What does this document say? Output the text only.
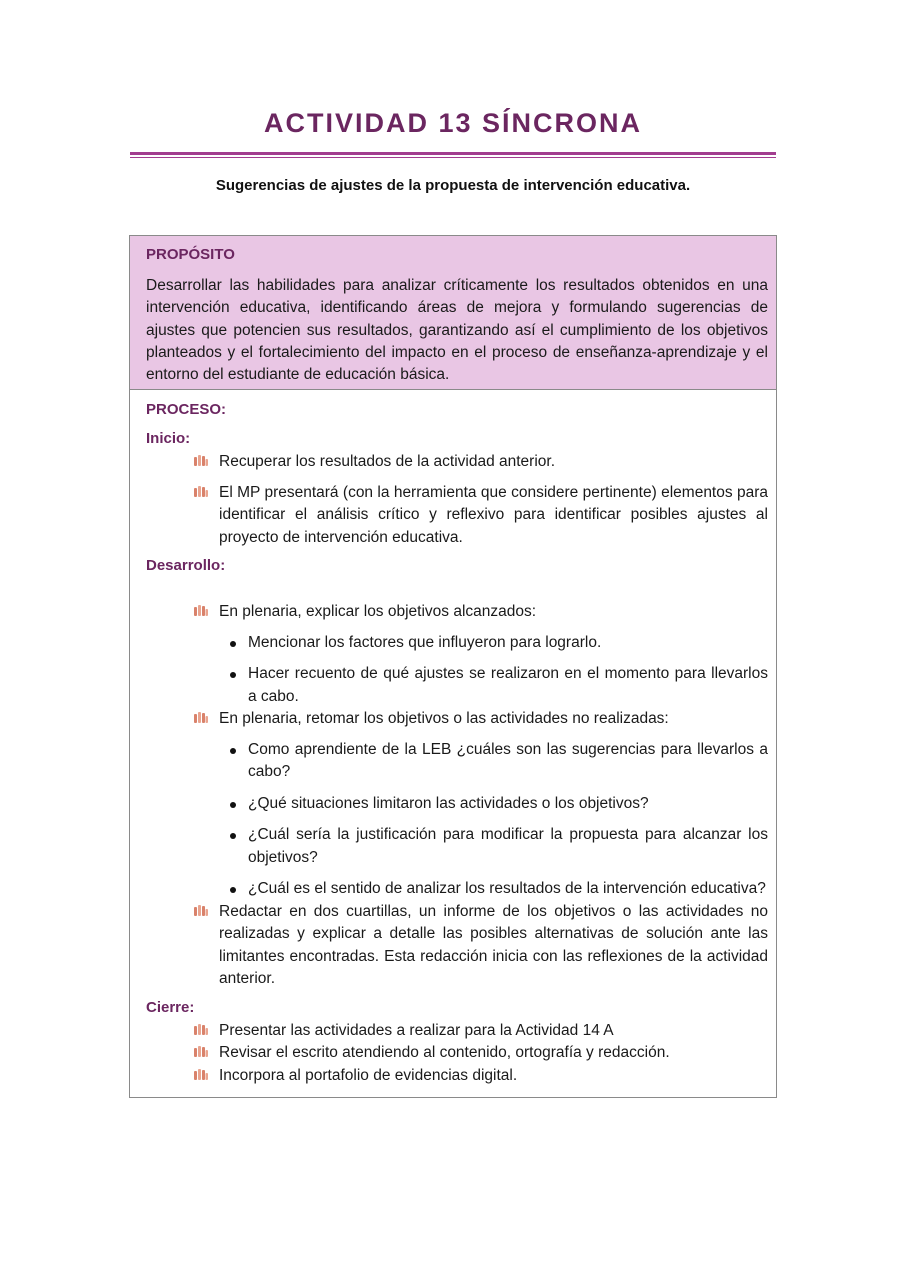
ACTIVIDAD 13 SÍNCRONA
Sugerencias de ajustes de la propuesta de intervención educativa.
PROPÓSITO
Desarrollar las habilidades para analizar críticamente los resultados obtenidos en una intervención educativa, identificando áreas de mejora y formulando sugerencias de ajustes que potencien sus resultados, garantizando así el cumplimiento de los objetivos planteados y el fortalecimiento del impacto en el proceso de enseñanza-aprendizaje y el entorno del estudiante de educación básica.
PROCESO:
Inicio:
Recuperar los resultados de la actividad anterior.
El MP presentará (con la herramienta que considere pertinente) elementos para identificar el análisis crítico y reflexivo para identificar posibles ajustes al proyecto de intervención educativa.
Desarrollo:
En plenaria, explicar los objetivos alcanzados:
Mencionar los factores que influyeron para lograrlo.
Hacer recuento de qué ajustes se realizaron en el momento para llevarlos a cabo.
En plenaria, retomar los objetivos o las actividades no realizadas:
Como aprendiente de la LEB ¿cuáles son las sugerencias para llevarlos a cabo?
¿Qué situaciones limitaron las actividades o los objetivos?
¿Cuál sería la justificación para modificar la propuesta para alcanzar los objetivos?
¿Cuál es el sentido de analizar los resultados de la intervención educativa?
Redactar en dos cuartillas, un informe de los objetivos o las actividades no realizadas y explicar a detalle las posibles alternativas de solución ante las limitantes encontradas. Esta redacción inicia con las reflexiones de la actividad anterior.
Cierre:
Presentar las actividades a realizar para la Actividad 14 A
Revisar el escrito atendiendo al contenido, ortografía y redacción.
Incorpora al portafolio de evidencias digital.
